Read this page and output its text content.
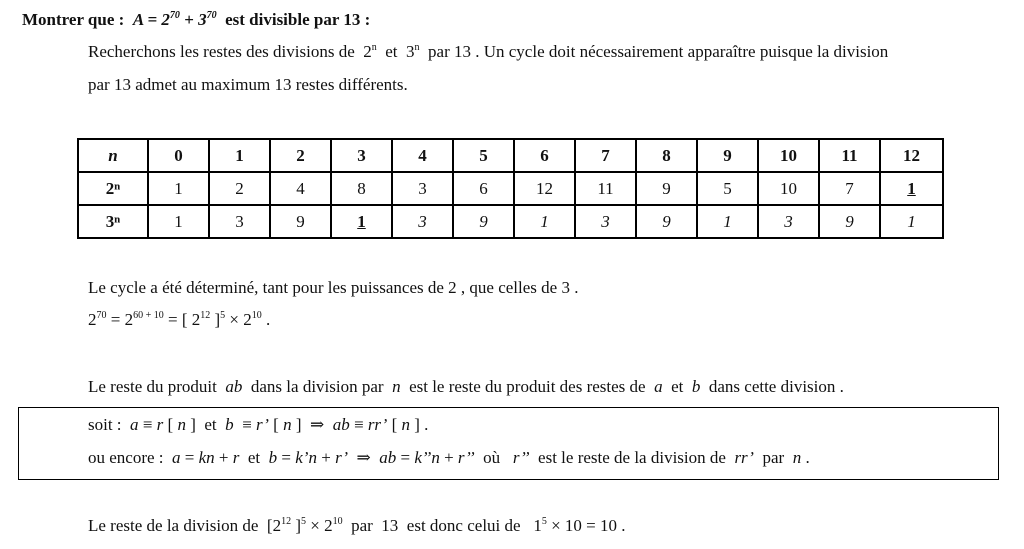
Montrer que :  $A = 2^{70} + 3^{70}$ est divisible par 13 :
Recherchons les restes des divisions de  2$^n$  et  3$^n$  par 13 . Un cycle doit nécessairement apparaître puisque la division
par 13 admet au maximum 13 restes différents.
n	0	1	2	3	4	5	6	7	8	9	10	11	12
2ⁿ	1	2	4	8	3	6	12	11	9	5	10	7	1
3ⁿ	1	3	9	1	3	9	1	3	9	1	3	9	1
Le cycle a été déterminé, tant pour les puissances de 2 , que celles de 3 .
$2^{70} = 2^{60 + 10}$ = [ $2^{12}$ ]$^5 \times 2^{10}$ .
Le reste du produit  ab  dans la division par  n  est le reste du produit des restes de  a  et  b  dans cette division .
soit :  a ≡ r [ n ]  et  b  ≡ r’ [ n ]  ⇒  ab ≡ rr’ [ n ] .
ou encore :  a = kn + r  et  b = k’n + r’  ⇒  ab = k’’n + r’’  où   r’’  est le reste de la division de  rr’  par  n .
Le reste de la division de  [$2^{12}$ ]$^5 \times 2^{10}$  par  13  est donc celui de   $1^5 \times 10 = 10$ .
